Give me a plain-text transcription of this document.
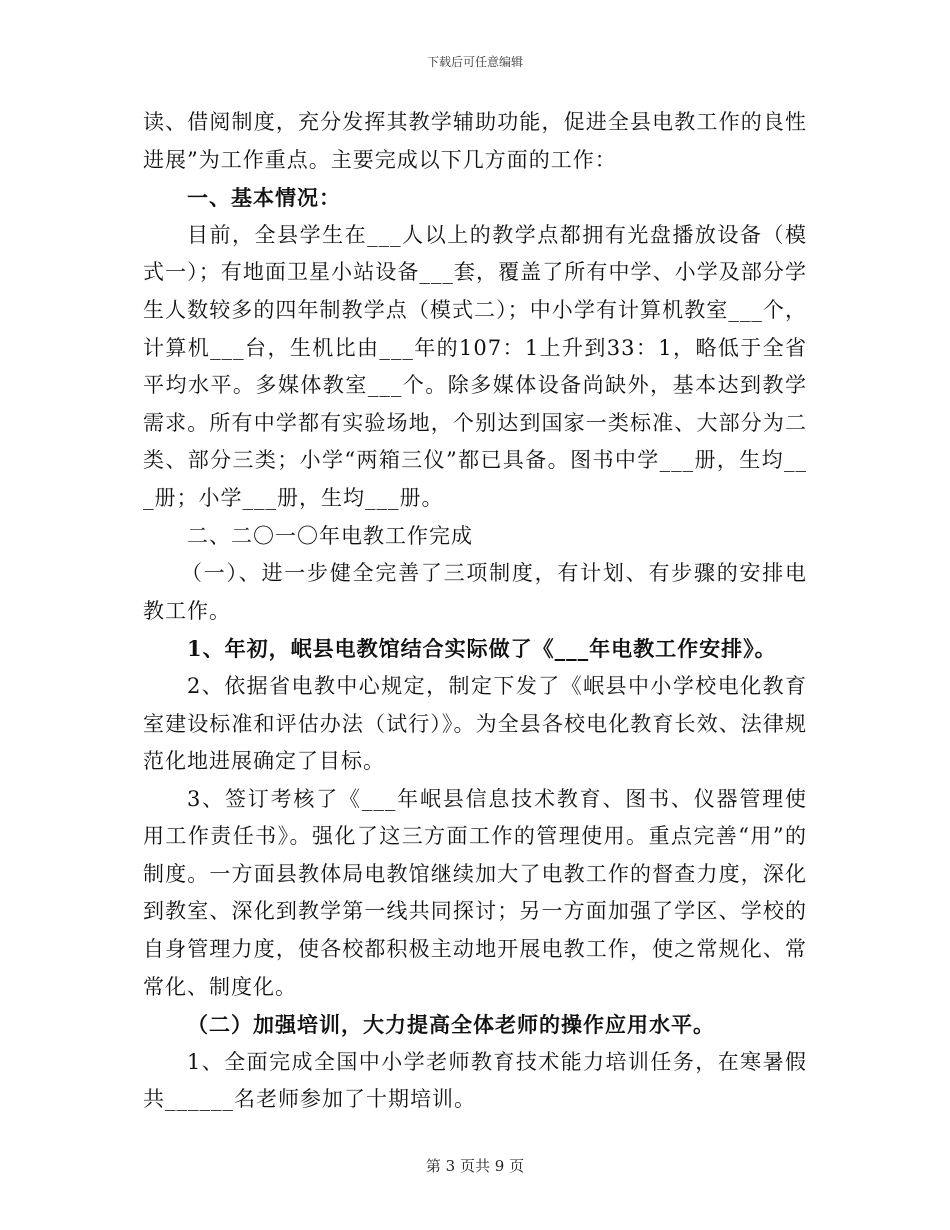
下载后可任意编辑

读、借阅制度，充分发挥其教学辅助功能，促进全县电教工作的良性进展”为工作重点。主要完成以下几方面的工作：

一、基本情况：

目前，全县学生在___人以上的教学点都拥有光盘播放设备（模式一）；有地面卫星小站设备___套，覆盖了所有中学、小学及部分学生人数较多的四年制教学点（模式二）；中小学有计算机教室___个，计算机___台，生机比由___年的107：1上升到33：1，略低于全省平均水平。多媒体教室___个。除多媒体设备尚缺外，基本达到教学需求。所有中学都有实验场地，个别达到国家一类标准、大部分为二类、部分三类；小学“两箱三仪”都已具备。图书中学___册，生均___册；小学___册，生均___册。

二、二〇一〇年电教工作完成

（一）、进一步健全完善了三项制度，有计划、有步骤的安排电教工作。

1、年初，岷县电教馆结合实际做了《___年电教工作安排》。

2、依据省电教中心规定，制定下发了《岷县中小学校电化教育室建设标准和评估办法（试行）》。为全县各校电化教育长效、法律规范化地进展确定了目标。

3、签订考核了《___年岷县信息技术教育、图书、仪器管理使用工作责任书》。强化了这三方面工作的管理使用。重点完善“用”的制度。一方面县教体局电教馆继续加大了电教工作的督查力度，深化到教室、深化到教学第一线共同探讨；另一方面加强了学区、学校的自身管理力度，使各校都积极主动地开展电教工作，使之常规化、常常化、制度化。

（二）加强培训，大力提高全体老师的操作应用水平。

1、全面完成全国中小学老师教育技术能力培训任务，在寒暑假共______名老师参加了十期培训。

第 3 页共 9 页
